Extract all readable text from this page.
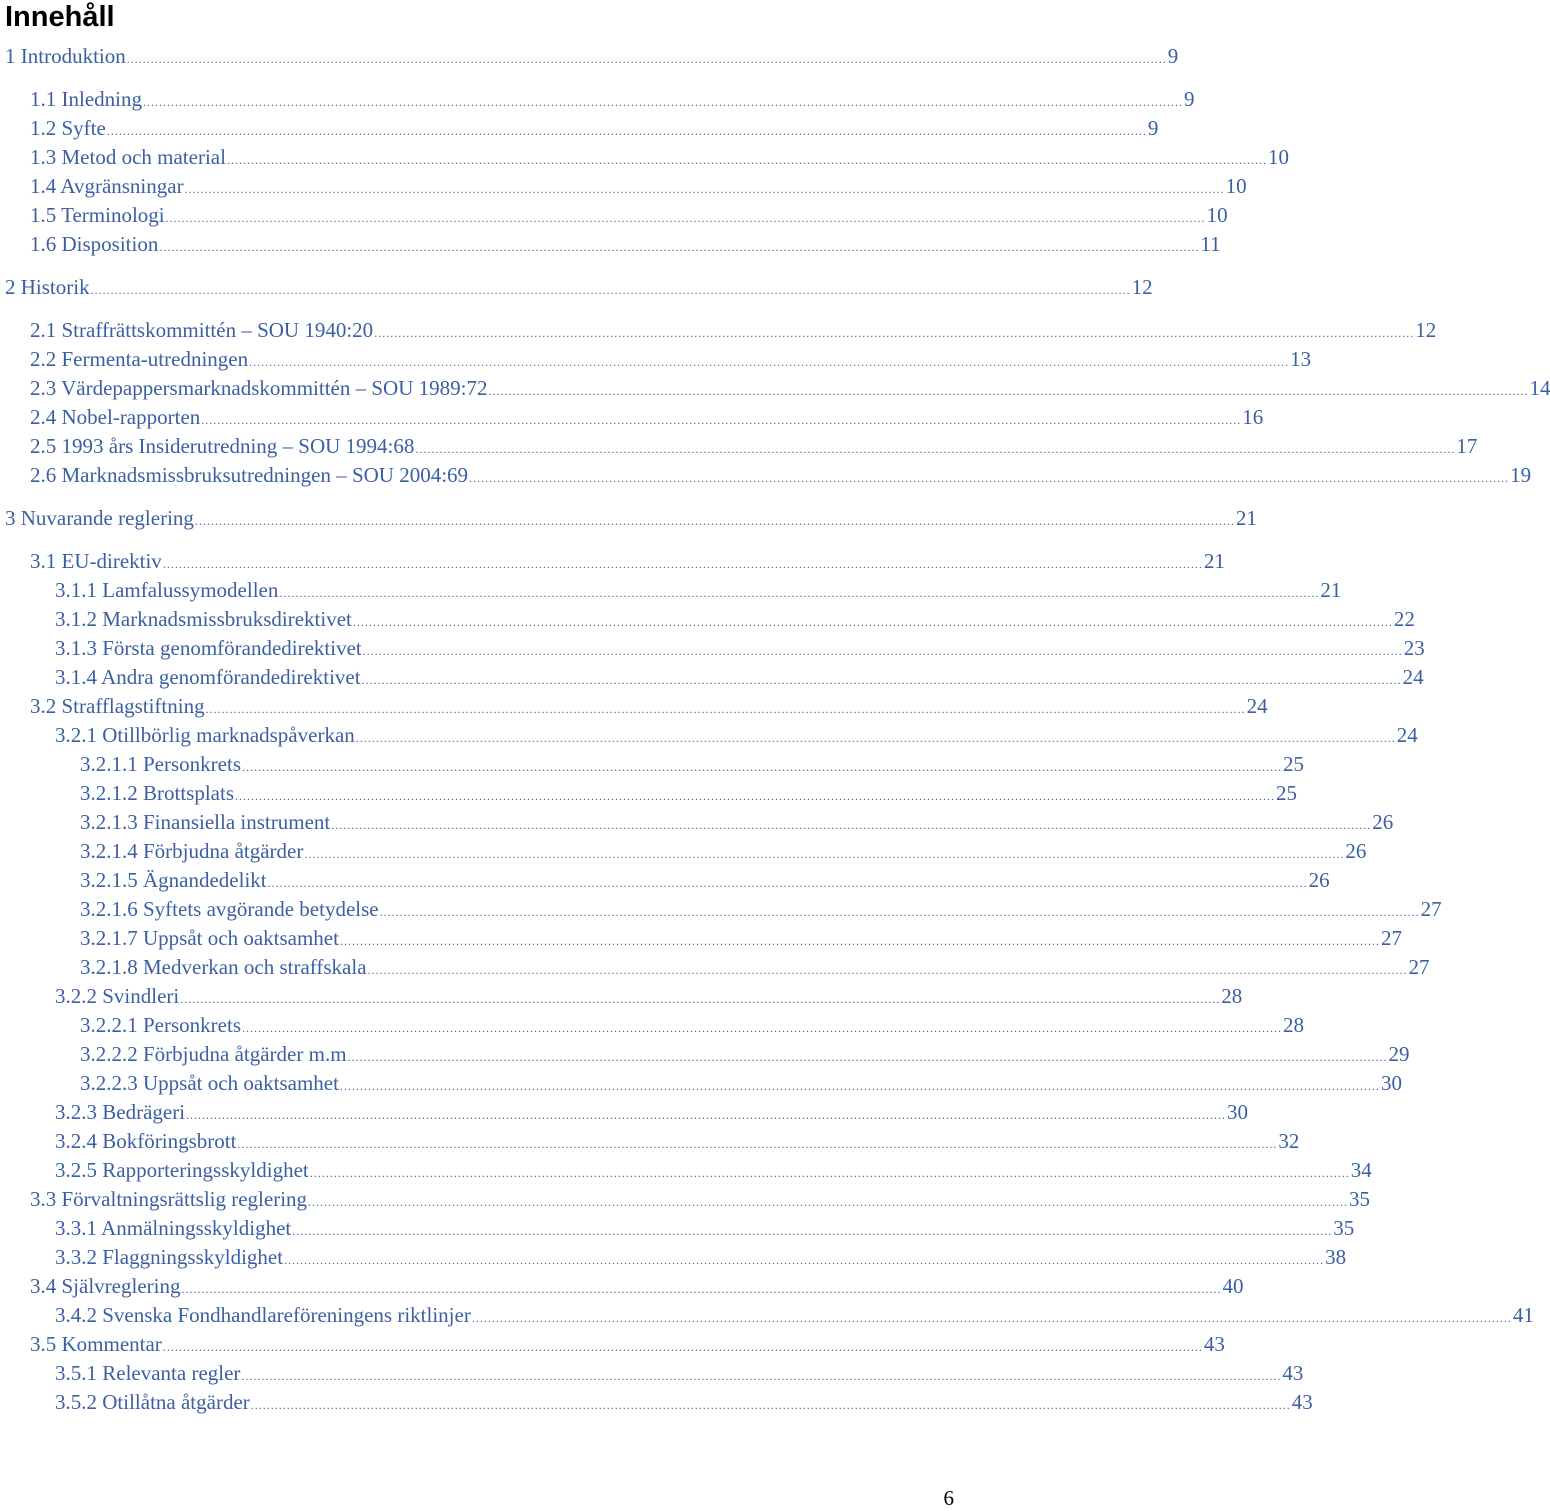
Innehåll
1 Introduktion .................................................................................................................................................................................................................................................................... 9
1.1 Inledning .................................................................................................................................................................................................................................................................... 9
1.2 Syfte .................................................................................................................................................................................................................................................................... 9
1.3 Metod och material .................................................................................................................................................................................................................................................................... 10
1.4 Avgränsningar .................................................................................................................................................................................................................................................................... 10
1.5 Terminologi .................................................................................................................................................................................................................................................................... 10
1.6 Disposition .................................................................................................................................................................................................................................................................... 11
2 Historik .................................................................................................................................................................................................................................................................... 12
2.1 Straffrättskommittén – SOU 1940:20 .................................................................................................................................................................................................................................................................... 12
2.2 Fermenta-utredningen .................................................................................................................................................................................................................................................................... 13
2.3 Värdepappersmarknadskommittén – SOU 1989:72 .................................................................................................................................................................................................................................................................... 14
2.4 Nobel-rapporten .................................................................................................................................................................................................................................................................... 16
2.5 1993 års Insiderutredning – SOU 1994:68 .................................................................................................................................................................................................................................................................... 17
2.6 Marknadsmissbruksutredningen – SOU 2004:69 .................................................................................................................................................................................................................................................................... 19
3 Nuvarande reglering .................................................................................................................................................................................................................................................................... 21
3.1 EU-direktiv .................................................................................................................................................................................................................................................................... 21
3.1.1 Lamfalussymodellen .................................................................................................................................................................................................................................................................... 21
3.1.2 Marknadsmissbruksdirektivet .................................................................................................................................................................................................................................................................... 22
3.1.3 Första genomförandedirektivet .................................................................................................................................................................................................................................................................... 23
3.1.4 Andra genomförandedirektivet .................................................................................................................................................................................................................................................................... 24
3.2 Strafflagstiftning .................................................................................................................................................................................................................................................................... 24
3.2.1 Otillbörlig marknadspåverkan .................................................................................................................................................................................................................................................................... 24
3.2.1.1 Personkrets .................................................................................................................................................................................................................................................................... 25
3.2.1.2 Brottsplats .................................................................................................................................................................................................................................................................... 25
3.2.1.3 Finansiella instrument .................................................................................................................................................................................................................................................................... 26
3.2.1.4 Förbjudna åtgärder .................................................................................................................................................................................................................................................................... 26
3.2.1.5 Ägnandedelikt .................................................................................................................................................................................................................................................................... 26
3.2.1.6 Syftets avgörande betydelse .................................................................................................................................................................................................................................................................... 27
3.2.1.7 Uppsåt och oaktsamhet .................................................................................................................................................................................................................................................................... 27
3.2.1.8 Medverkan och straffskala .................................................................................................................................................................................................................................................................... 27
3.2.2 Svindleri .................................................................................................................................................................................................................................................................... 28
3.2.2.1 Personkrets .................................................................................................................................................................................................................................................................... 28
3.2.2.2 Förbjudna åtgärder m.m .................................................................................................................................................................................................................................................................... 29
3.2.2.3 Uppsåt och oaktsamhet .................................................................................................................................................................................................................................................................... 30
3.2.3 Bedrägeri .................................................................................................................................................................................................................................................................... 30
3.2.4 Bokföringsbrott .................................................................................................................................................................................................................................................................... 32
3.2.5 Rapporteringsskyldighet .................................................................................................................................................................................................................................................................... 34
3.3 Förvaltningsrättslig reglering .................................................................................................................................................................................................................................................................... 35
3.3.1 Anmälningsskyldighet .................................................................................................................................................................................................................................................................... 35
3.3.2 Flaggningsskyldighet .................................................................................................................................................................................................................................................................... 38
3.4 Självreglering .................................................................................................................................................................................................................................................................... 40
3.4.2 Svenska Fondhandlareföreningens riktlinjer .................................................................................................................................................................................................................................................................... 41
3.5 Kommentar .................................................................................................................................................................................................................................................................... 43
3.5.1 Relevanta regler .................................................................................................................................................................................................................................................................... 43
3.5.2 Otillåtna åtgärder .................................................................................................................................................................................................................................................................... 43
6
